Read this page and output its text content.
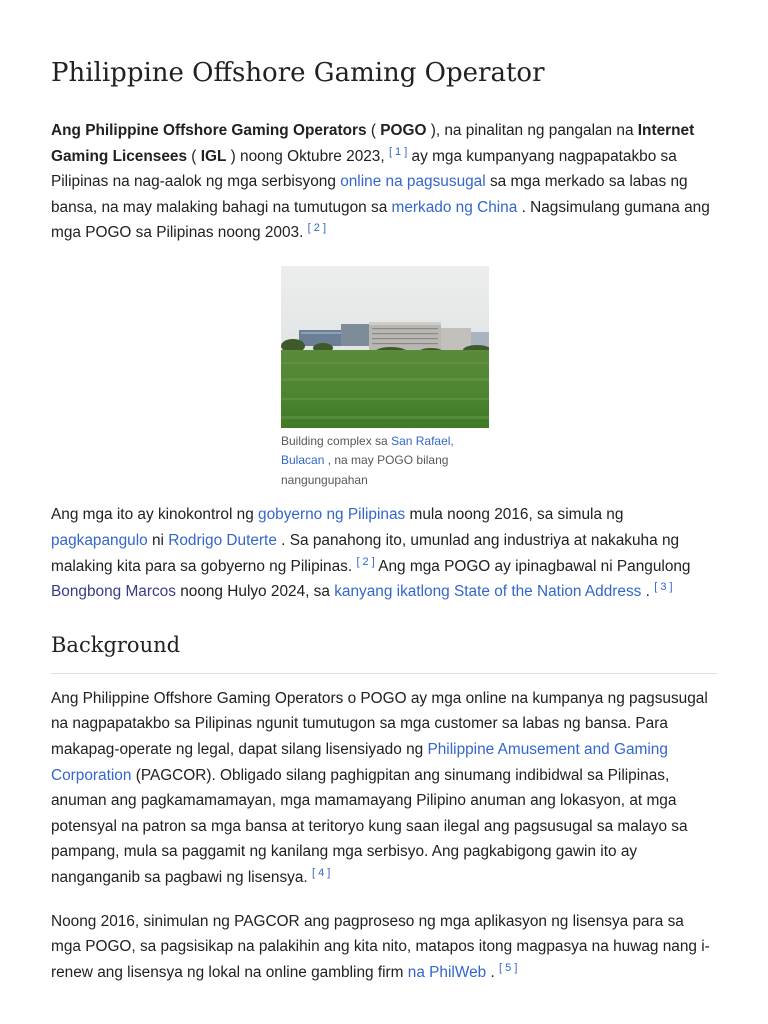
Philippine Offshore Gaming Operator

Ang Philippine Offshore Gaming Operators ( POGO ), na pinalitan ng pangalan na Internet Gaming Licensees ( IGL ) noong Oktubre 2023, [ 1 ] ay mga kumpanyang nagpapatakbo sa Pilipinas na nag-aalok ng mga serbisyong online na pagsusugal sa mga merkado sa labas ng bansa, na may malaking bahagi na tumutugon sa merkado ng China . Nagsimulang gumana ang mga POGO sa Pilipinas noong 2003. [ 2 ]

Building complex sa San Rafael, Bulacan , na may POGO bilang nangungupahan

Ang mga ito ay kinokontrol ng gobyerno ng Pilipinas mula noong 2016, sa simula ng pagkapangulo ni Rodrigo Duterte . Sa panahong ito, umunlad ang industriya at nakakuha ng malaking kita para sa gobyerno ng Pilipinas. [ 2 ] Ang mga POGO ay ipinagbawal ni Pangulong Bongbong Marcos noong Hulyo 2024, sa kanyang ikatlong State of the Nation Address . [ 3 ]

Background

Ang Philippine Offshore Gaming Operators o POGO ay mga online na kumpanya ng pagsusugal na nagpapatakbo sa Pilipinas ngunit tumutugon sa mga customer sa labas ng bansa. Para makapag-operate ng legal, dapat silang lisensiyado ng Philippine Amusement and Gaming Corporation (PAGCOR). Obligado silang paghigpitan ang sinumang indibidwal sa Pilipinas, anuman ang pagkamamamayan, mga mamamayang Pilipino anuman ang lokasyon, at mga potensyal na patron sa mga bansa at teritoryo kung saan ilegal ang pagsusugal sa malayo sa pampang, mula sa paggamit ng kanilang mga serbisyo. Ang pagkabigong gawin ito ay nanganganib sa pagbawi ng lisensya. [ 4 ]

Noong 2016, sinimulan ng PAGCOR ang pagproseso ng mga aplikasyon ng lisensya para sa mga POGO, sa pagsisikap na palakihin ang kita nito, matapos itong magpasya na huwag nang i-renew ang lisensya ng lokal na online gambling firm na PhilWeb . [ 5 ]
